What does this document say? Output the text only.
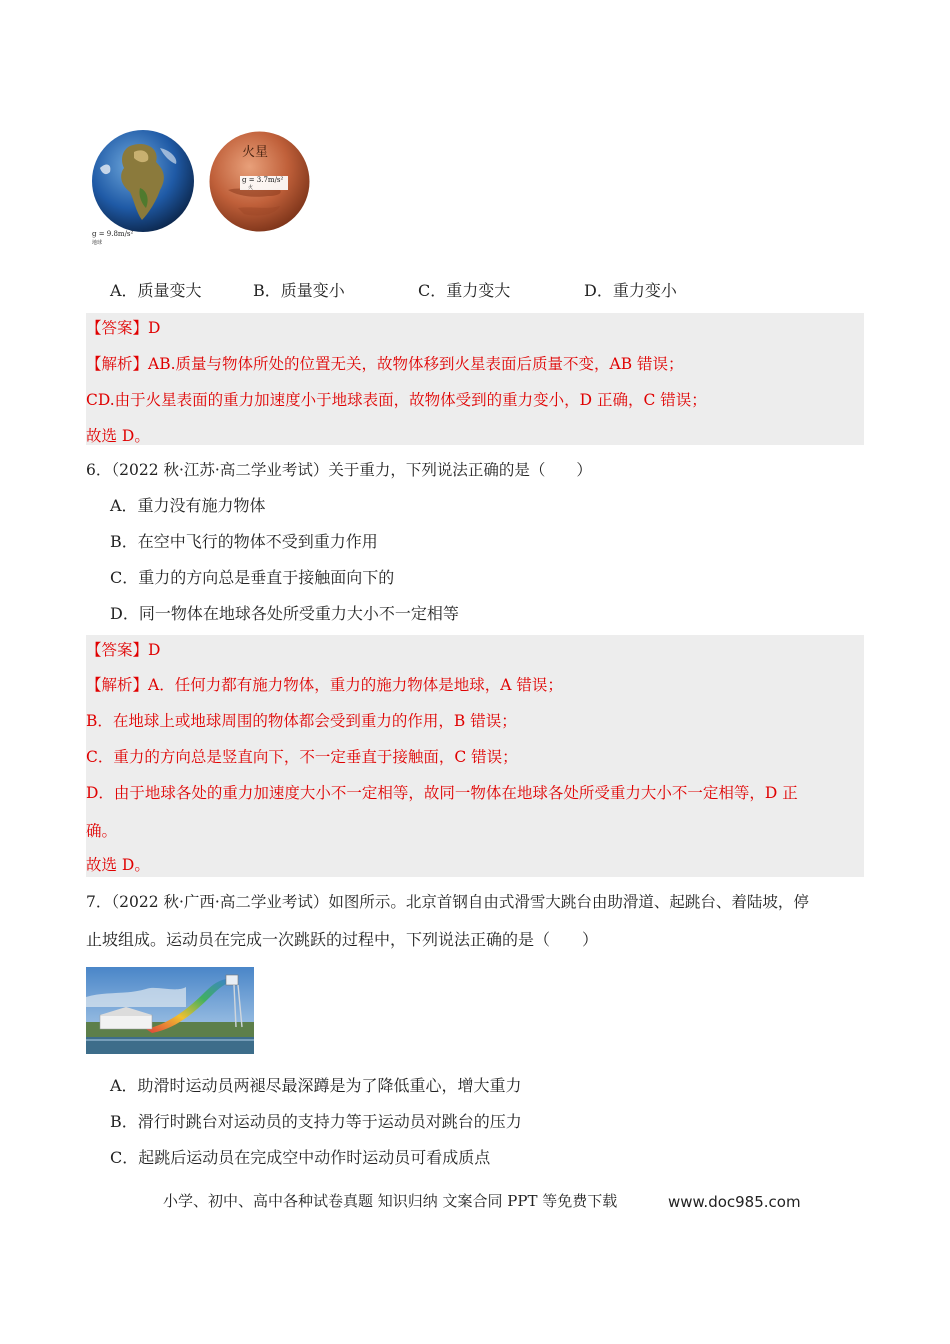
g = 9.8m/s²
地球
火星
g = 3.7m/s²
火
A．质量变大	B．质量变小	C．重力变大	D．重力变小
【答案】D
【解析】AB.质量与物体所处的位置无关，故物体移到火星表面后质量不变，AB 错误；
CD.由于火星表面的重力加速度小于地球表面，故物体受到的重力变小，D 正确，C 错误；
故选 D。
6．（2022 秋·江苏·高二学业考试）关于重力，下列说法正确的是（　　）
A．重力没有施力物体
B．在空中飞行的物体不受到重力作用
C．重力的方向总是垂直于接触面向下的
D．同一物体在地球各处所受重力大小不一定相等
【答案】D
【解析】A．任何力都有施力物体，重力的施力物体是地球，A 错误；
B．在地球上或地球周围的物体都会受到重力的作用，B 错误；
C．重力的方向总是竖直向下，不一定垂直于接触面，C 错误；
D．由于地球各处的重力加速度大小不一定相等，故同一物体在地球各处所受重力大小不一定相等，D 正
确。
故选 D。
7．（2022 秋·广西·高二学业考试）如图所示。北京首钢自由式滑雪大跳台由助滑道、起跳台、着陆坡，停
止坡组成。运动员在完成一次跳跃的过程中，下列说法正确的是（　　）
A．助滑时运动员两褪尽最深蹲是为了降低重心，增大重力
B．滑行时跳台对运动员的支持力等于运动员对跳台的压力
C．起跳后运动员在完成空中动作时运动员可看成质点
小学、初中、高中各种试卷真题 知识归纳 文案合同 PPT 等免费下载	www.doc985.com
